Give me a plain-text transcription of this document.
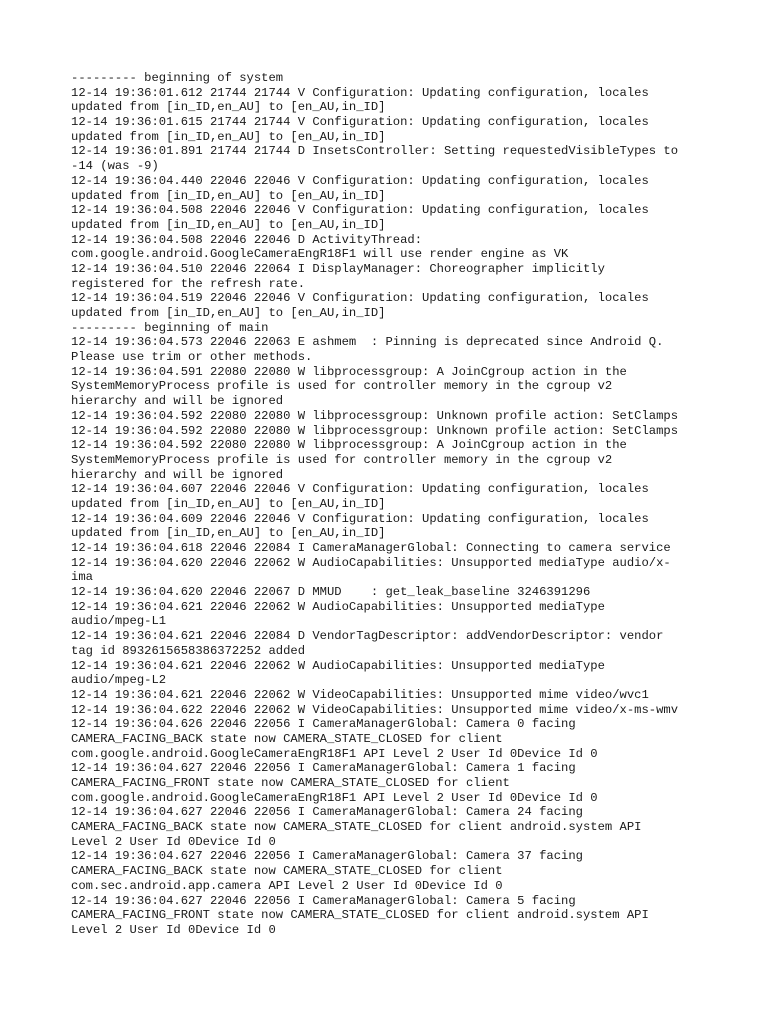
--------- beginning of system
12-14 19:36:01.612 21744 21744 V Configuration: Updating configuration, locales
updated from [in_ID,en_AU] to [en_AU,in_ID]
12-14 19:36:01.615 21744 21744 V Configuration: Updating configuration, locales
updated from [in_ID,en_AU] to [en_AU,in_ID]
12-14 19:36:01.891 21744 21744 D InsetsController: Setting requestedVisibleTypes to
-14 (was -9)
12-14 19:36:04.440 22046 22046 V Configuration: Updating configuration, locales
updated from [in_ID,en_AU] to [en_AU,in_ID]
12-14 19:36:04.508 22046 22046 V Configuration: Updating configuration, locales
updated from [in_ID,en_AU] to [en_AU,in_ID]
12-14 19:36:04.508 22046 22046 D ActivityThread:
com.google.android.GoogleCameraEngR18F1 will use render engine as VK
12-14 19:36:04.510 22046 22064 I DisplayManager: Choreographer implicitly
registered for the refresh rate.
12-14 19:36:04.519 22046 22046 V Configuration: Updating configuration, locales
updated from [in_ID,en_AU] to [en_AU,in_ID]
--------- beginning of main
12-14 19:36:04.573 22046 22063 E ashmem  : Pinning is deprecated since Android Q.
Please use trim or other methods.
12-14 19:36:04.591 22080 22080 W libprocessgroup: A JoinCgroup action in the
SystemMemoryProcess profile is used for controller memory in the cgroup v2
hierarchy and will be ignored
12-14 19:36:04.592 22080 22080 W libprocessgroup: Unknown profile action: SetClamps
12-14 19:36:04.592 22080 22080 W libprocessgroup: Unknown profile action: SetClamps
12-14 19:36:04.592 22080 22080 W libprocessgroup: A JoinCgroup action in the
SystemMemoryProcess profile is used for controller memory in the cgroup v2
hierarchy and will be ignored
12-14 19:36:04.607 22046 22046 V Configuration: Updating configuration, locales
updated from [in_ID,en_AU] to [en_AU,in_ID]
12-14 19:36:04.609 22046 22046 V Configuration: Updating configuration, locales
updated from [in_ID,en_AU] to [en_AU,in_ID]
12-14 19:36:04.618 22046 22084 I CameraManagerGlobal: Connecting to camera service
12-14 19:36:04.620 22046 22062 W AudioCapabilities: Unsupported mediaType audio/x-
ima
12-14 19:36:04.620 22046 22067 D MMUD    : get_leak_baseline 3246391296
12-14 19:36:04.621 22046 22062 W AudioCapabilities: Unsupported mediaType
audio/mpeg-L1
12-14 19:36:04.621 22046 22084 D VendorTagDescriptor: addVendorDescriptor: vendor
tag id 8932615658386372252 added
12-14 19:36:04.621 22046 22062 W AudioCapabilities: Unsupported mediaType
audio/mpeg-L2
12-14 19:36:04.621 22046 22062 W VideoCapabilities: Unsupported mime video/wvc1
12-14 19:36:04.622 22046 22062 W VideoCapabilities: Unsupported mime video/x-ms-wmv
12-14 19:36:04.626 22046 22056 I CameraManagerGlobal: Camera 0 facing
CAMERA_FACING_BACK state now CAMERA_STATE_CLOSED for client
com.google.android.GoogleCameraEngR18F1 API Level 2 User Id 0Device Id 0
12-14 19:36:04.627 22046 22056 I CameraManagerGlobal: Camera 1 facing
CAMERA_FACING_FRONT state now CAMERA_STATE_CLOSED for client
com.google.android.GoogleCameraEngR18F1 API Level 2 User Id 0Device Id 0
12-14 19:36:04.627 22046 22056 I CameraManagerGlobal: Camera 24 facing
CAMERA_FACING_BACK state now CAMERA_STATE_CLOSED for client android.system API
Level 2 User Id 0Device Id 0
12-14 19:36:04.627 22046 22056 I CameraManagerGlobal: Camera 37 facing
CAMERA_FACING_BACK state now CAMERA_STATE_CLOSED for client
com.sec.android.app.camera API Level 2 User Id 0Device Id 0
12-14 19:36:04.627 22046 22056 I CameraManagerGlobal: Camera 5 facing
CAMERA_FACING_FRONT state now CAMERA_STATE_CLOSED for client android.system API
Level 2 User Id 0Device Id 0
